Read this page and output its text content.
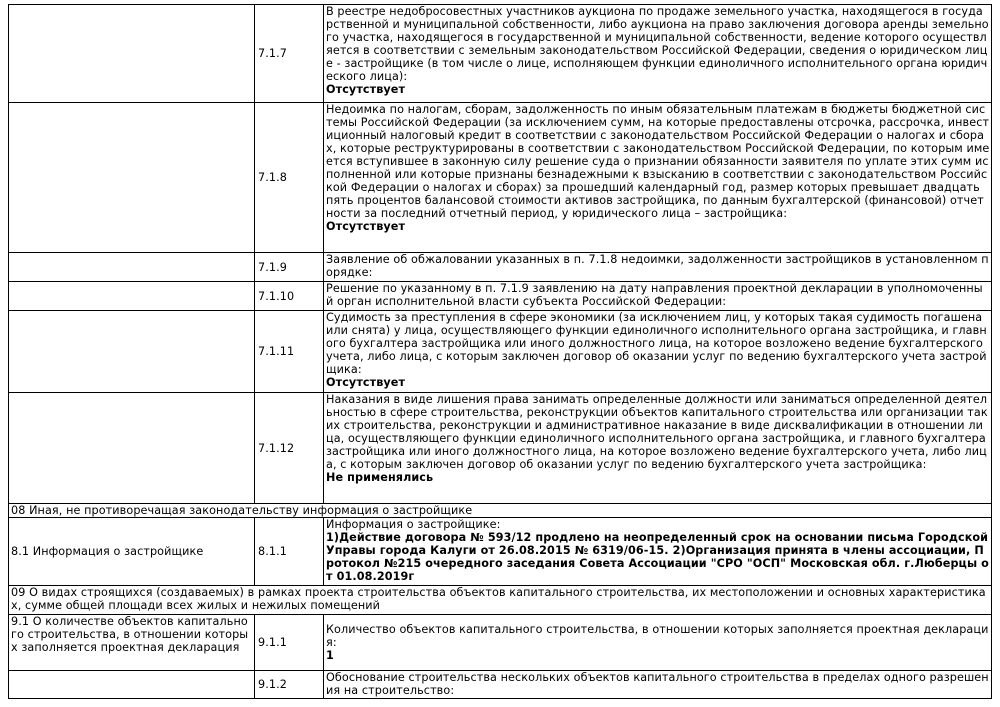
	7.1.7	В реестре недобросовестных участников аукциона по продаже земельного участка, находящегося в государственной и муниципальной собственности, либо аукциона на право заключения договора аренды земельного участка, находящегося в государственной и муниципальной собственности, ведение которого осуществляется в соответствии с земельным законодательством Российской Федерации, сведения о юридическом лице - застройщике (в том числе о лице, исполняющем функции единоличного исполнительного органа юридического лица):
Отсутствует

	7.1.8	Недоимка по налогам, сборам, задолженность по иным обязательным платежам в бюджеты бюджетной системы Российской Федерации (за исключением сумм, на которые предоставлены отсрочка, рассрочка, инвестиционный налоговый кредит в соответствии с законодательством Российской Федерации о налогах и сборах, которые реструктурированы в соответствии с законодательством Российской Федерации, по которым имеется вступившее в законную силу решение суда о признании обязанности заявителя по уплате этих сумм исполненной или которые признаны безнадежными к взысканию в соответствии с законодательством Российской Федерации о налогах и сборах) за прошедший календарный год, размер которых превышает двадцать пять процентов балансовой стоимости активов застройщика, по данным бухгалтерской (финансовой) отчетности за последний отчетный период, у юридического лица – застройщика:
Отсутствует

	7.1.9	Заявление об обжаловании указанных в п. 7.1.8 недоимки, задолженности застройщиков в установленном порядке:

	7.1.10	Решение по указанному в п. 7.1.9 заявлению на дату направления проектной декларации в уполномоченный орган исполнительной власти субъекта Российской Федерации:

	7.1.11	Судимость за преступления в сфере экономики (за исключением лиц, у которых такая судимость погашена или снята) у лица, осуществляющего функции единоличного исполнительного органа застройщика, и главного бухгалтера застройщика или иного должностного лица, на которое возложено ведение бухгалтерского учета, либо лица, с которым заключен договор об оказании услуг по ведению бухгалтерского учета застройщика:
Отсутствует

	7.1.12	Наказания в виде лишения права занимать определенные должности или заниматься определенной деятельностью в сфере строительства, реконструкции объектов капитального строительства или организации таких строительства, реконструкции и административное наказание в виде дисквалификации в отношении лица, осуществляющего функции единоличного исполнительного органа застройщика, и главного бухгалтера застройщика или иного должностного лица, на которое возложено ведение бухгалтерского учета, либо лица, с которым заключен договор об оказании услуг по ведению бухгалтерского учета застройщика:
Не применялись

08 Иная, не противоречащая законодательству информация о застройщике		
8.1 Информация о застройщике	8.1.1	Информация о застройщике:
1)Действие договора № 593/12 продлено на неопределенный срок на основании письма Городской Управы города Калуги от 26.08.2015 № 6319/06-15. 2)Организация принята в члены ассоциации, Протокол №215 очередного заседания Совета Ассоциации "СРО "ОСП" Московская обл. г.Люберцы от 01.08.2019г

09 О видах строящихся (создаваемых) в рамках проекта строительства объектов капитального строительства, их местоположении и основных характеристиках, сумме общей площади всех жилых и нежилых помещений		
9.1 О количестве объектов капитального строительства, в отношении которых заполняется проектная декларация	9.1.1	Количество объектов капитального строительства, в отношении которых заполняется проектная декларация:
1

	9.1.2	Обоснование строительства нескольких объектов капитального строительства в пределах одного разрешения на строительство:
